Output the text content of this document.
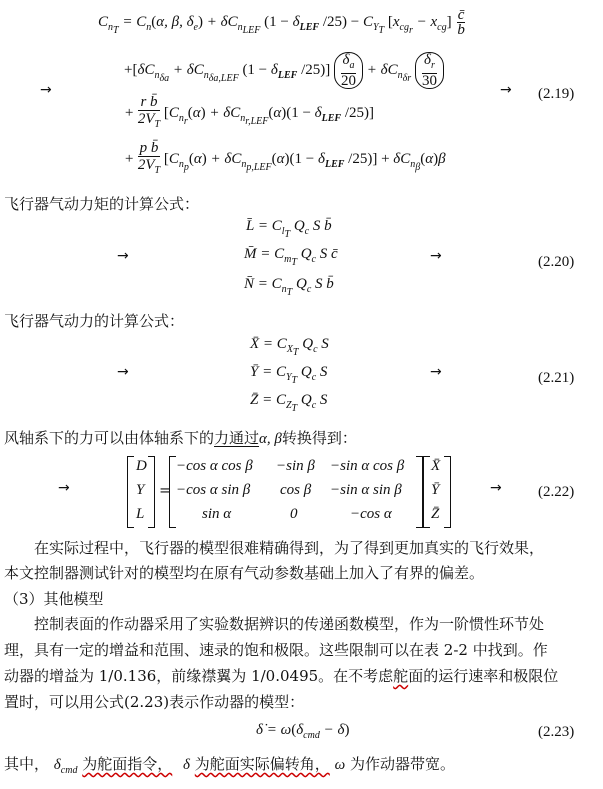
$C_{n_T} = C_n(\alpha$, β, $\delta_e) + \delta C_{n_{LEF}}$ ($1 - \delta_{LEF}$ $/25) - C_{Y_T}$ $[x_{cg_r} - x_{cg}] \frac{c̄}{b}$
$+[\delta C_{n_{\delta a}} + \delta C_{n_{\delta a,LEF}}$ ($1 - \delta_{LEF}$ $/25)] \frac{\delta_a}{20} + \delta C_{n_{\delta r}} \frac{\delta_r}{30}$
→	→ (2.19)
+ $\frac{\text{r b̄}}{2V_T} [C_{n_r}(\alpha) + \delta C_{n_{r,LEF}}(\alpha)(1 - \delta_{LEF}$ /25)]
+ $\frac{\text{p b̄}}{2V_T} [C_{n_p}(\alpha) + \delta C_{n_{p,LEF}}(\alpha)(1 - \delta_{LEF}$ $/25)] + \delta C_{n_\beta}(\alpha)\beta$
飞行器气动力矩的计算公式：
L̄ = $C_{l_T}$ $Q_c$ S b̄
M̄ = $C_{m_T}$ $Q_c$ S c̄
N̄ = $C_{n_T}$ $Q_c$ S b̄
→	→	(2.20)
飞行器气动力的计算公式：
X̄ = $C_{X_T}$ $Q_c$ S
Ȳ = $C_{Y_T}$ $Q_c$ S
Z̄ = $C_{Z_T}$ $Q_c$ S
→	→	(2.21)
风轴系下的力可以由体轴系下的力通过α, β转换得到：
→
D
Y
L
=
−cos α cos β −sin β −sin α cos β
−cos α sin β cos β −sin α sin β
sin α	0	−cos α
X̄
Ȳ
Z̄
→ (2.22)
　　在实际过程中，飞行器的模型很难精确得到，为了得到更加真实的飞行效果，
本文控制器测试针对的模型均在原有气动参数基础上加入了有界的偏差。
（3）其他模型
　　控制表面的作动器采用了实验数据辨识的传递函数模型，作为一阶惯性环节处
理，具有一定的增益和范围、速录的饱和极限。这些限制可以在表 2-2 中找到。作
动器的增益为 1/0.136，前缘襟翼为 1/0.0495。在不考虑舵面的运行速率和极限位
置时，可以用公式(2.23)表示作动器的模型：
δ̇ = $\omega(\delta_{cmd} - \delta)$	(2.23)
其中， $\delta_{cmd}$ 为舵面指令， δ 为舵面实际偏转角， ω 为作动器带宽。
